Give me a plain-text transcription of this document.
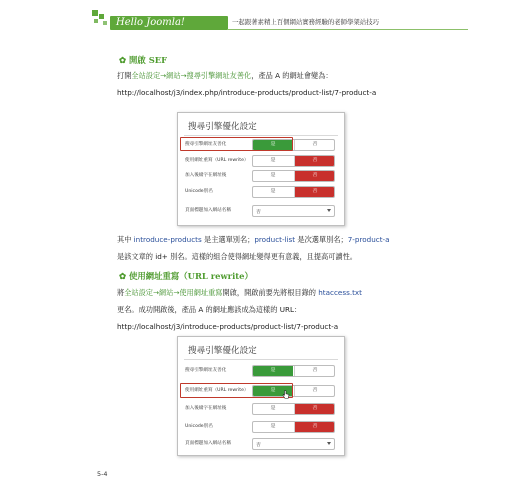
Hello Joomla!	一起跟著素精上百個網站實務經驗的老師學架站技巧
✿ 開啟 SEF
打開全站設定→網站→搜尋引擎網址友善化，產品 A 的網址會變為：
http://localhost/j3/index.php/introduce-products/product-list/7-product-a
搜尋引擎優化設定
搜尋引擎網址友善化	是	否
使用網址重寫（URL rewrite）	是	否
加入後綴字在網址後	是	否
Unicode別名	是	否
頁面標題加入網站名稱	否
其中 introduce-products 是主選單別名；product-list 是次選單別名；7-product-a
是該文章的 id+ 別名。這樣的組合使得網址變得更有意義，且提高可讀性。
✿ 使用網址重寫（URL rewrite）
將全站設定→網站→使用網址重寫開啟，開啟前要先將根目錄的 htaccess.txt
更名。成功開啟後，產品 A 的網址應該成為這樣的 URL：
http://localhost/j3/introduce-products/product-list/7-product-a
搜尋引擎優化設定
搜尋引擎網址友善化	是	否
使用網址重寫（URL rewrite）	是	否
加入後綴字在網址後	是	否
Unicode別名	是	否
頁面標題加入網站名稱	否
5-4
